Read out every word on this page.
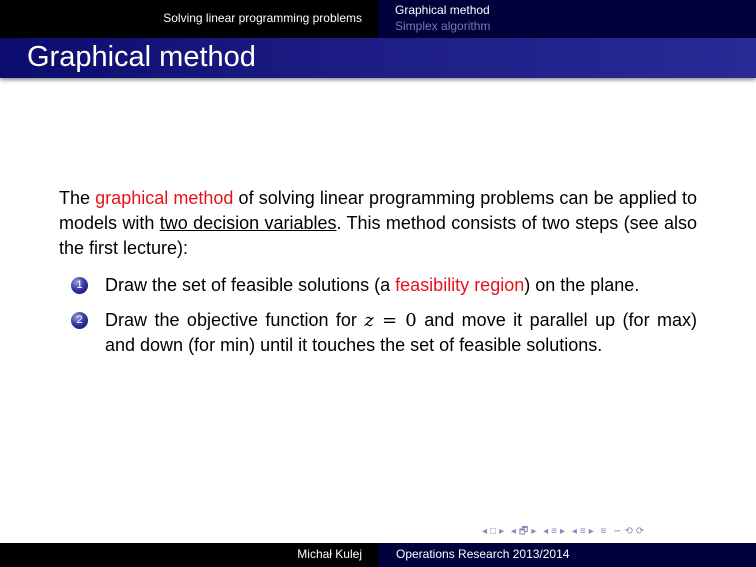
Solving linear programming problems
Graphical method
Simplex algorithm
Graphical method

The graphical method of solving linear programming problems can be applied to models with two decision variables. This method consists of two steps (see also the first lecture):

1	Draw the set of feasible solutions (a feasibility region) on the plane.
2	Draw the objective function for z = 0 and move it parallel up (for max) and down (for min) until it touches the set of feasible solutions.
◂ □ ▸ ◂ 🗗 ▸ ◂ ≡ ▸ ◂ ≡ ▸ ≡ ∽ ⟲ ⟳
Michał Kulej	Operations Research 2013/2014
